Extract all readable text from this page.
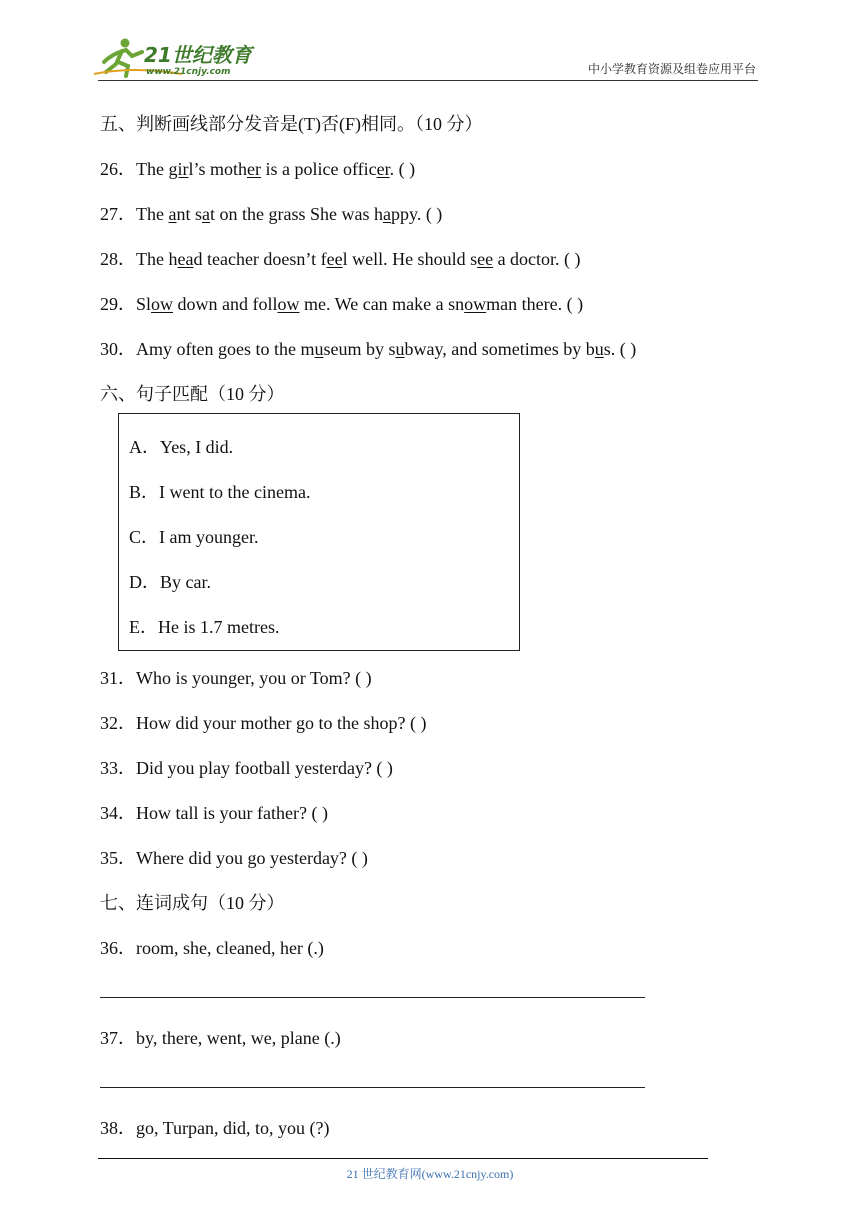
21世纪教育
www.21cnjy.com	中小学教育资源及组卷应用平台
五、判断画线部分发音是(T)否(F)相同。（10 分）
26．The girl’s mother is a police officer. ( )
27．The ant sat on the grass She was happy. ( )
28．The head teacher doesn’t feel well. He should see a doctor. ( )
29．Slow down and follow me. We can make a snowman there. ( )
30．Amy often goes to the museum by subway, and sometimes by bus. ( )
六、句子匹配（10 分）
A．Yes, I did.
B．I went to the cinema.
C．I am younger.
D．By car.
E．He is 1.7 metres.
31．Who is younger, you or Tom? ( )
32．How did your mother go to the shop? ( )
33．Did you play football yesterday? ( )
34．How tall is your father? ( )
35．Where did you go yesterday? ( )
七、连词成句（10 分）
36．room, she, cleaned, her (.)
37．by, there, went, we, plane (.)
38．go, Turpan, did, to, you (?)
21 世纪教育网(www.21cnjy.com)
